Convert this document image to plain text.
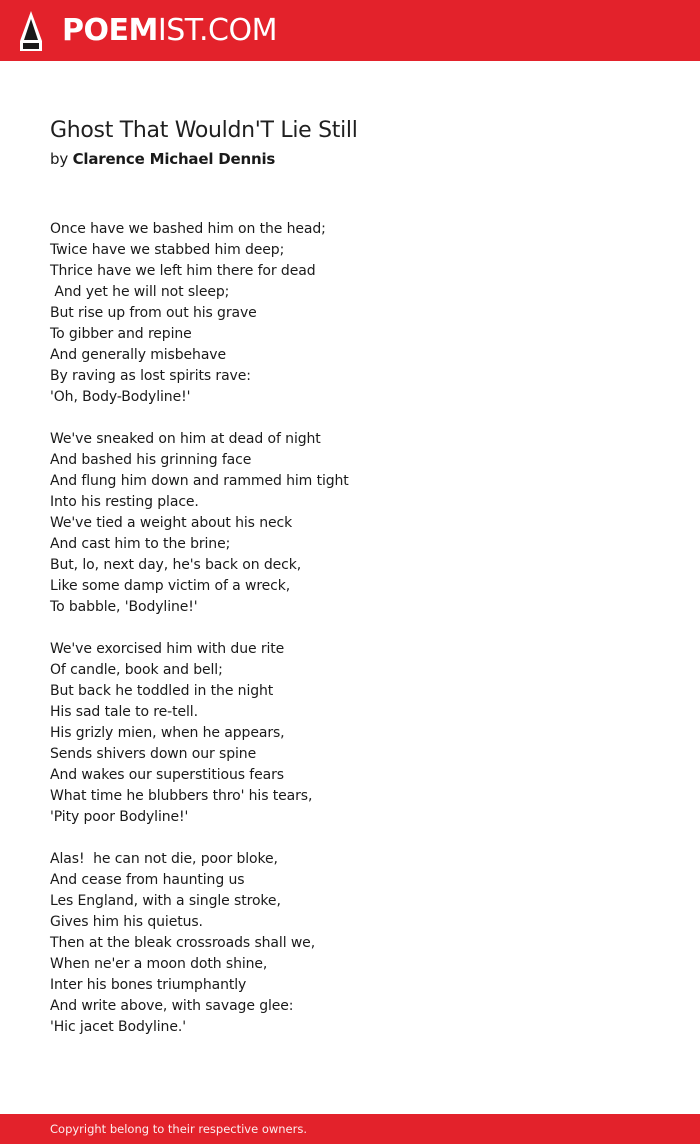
POEMIST.COM
Ghost That Wouldn'T Lie Still
by Clarence Michael Dennis
Once have we bashed him on the head;
Twice have we stabbed him deep;
Thrice have we left him there for dead
And yet he will not sleep;
But rise up from out his grave
To gibber and repine
And generally misbehave
By raving as lost spirits rave:
'Oh, Body-Bodyline!'
We've sneaked on him at dead of night
And bashed his grinning face
And flung him down and rammed him tight
Into his resting place.
We've tied a weight about his neck
And cast him to the brine;
But, lo, next day, he's back on deck,
Like some damp victim of a wreck,
To babble, 'Bodyline!'
We've exorcised him with due rite
Of candle, book and bell;
But back he toddled in the night
His sad tale to re-tell.
His grizly mien, when he appears,
Sends shivers down our spine
And wakes our superstitious fears
What time he blubbers thro' his tears,
'Pity poor Bodyline!'
Alas!  he can not die, poor bloke,
And cease from haunting us
Les England, with a single stroke,
Gives him his quietus.
Then at the bleak crossroads shall we,
When ne'er a moon doth shine,
Inter his bones triumphantly
And write above, with savage glee:
'Hic jacet Bodyline.'
Copyright belong to their respective owners.
